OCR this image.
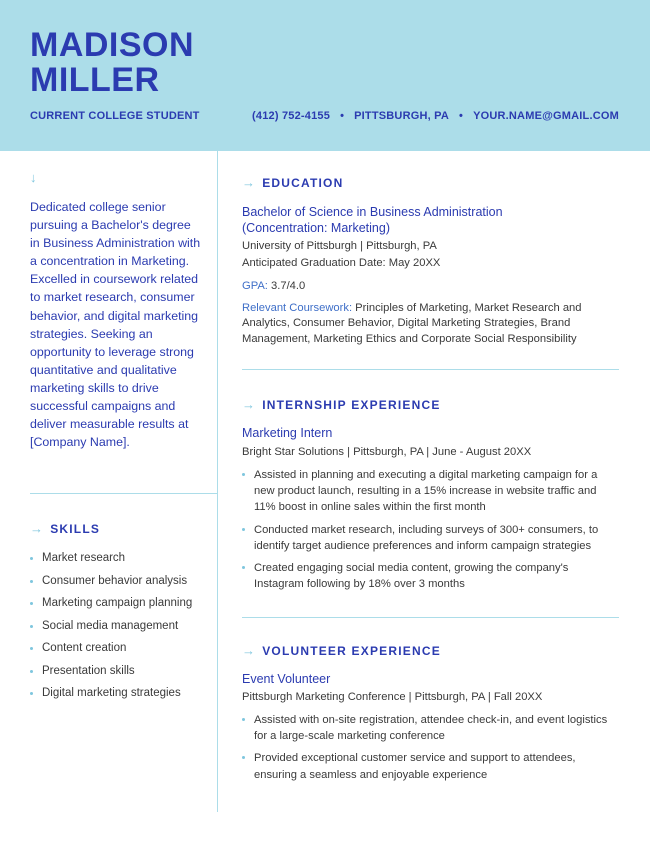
MADISON
MILLER
CURRENT COLLEGE STUDENT	(412) 752-4155 • PITTSBURGH, PA • YOUR.NAME@GMAIL.COM
↓

Dedicated college senior pursuing a Bachelor's degree in Business Administration with a concentration in Marketing. Excelled in coursework related to market research, consumer behavior, and digital marketing strategies. Seeking an opportunity to leverage strong quantitative and qualitative marketing skills to drive successful campaigns and deliver measurable results at [Company Name].

→ SKILLS
Market research
Consumer behavior analysis
Marketing campaign planning
Social media management
Content creation
Presentation skills
Digital marketing strategies
→ EDUCATION
Bachelor of Science in Business Administration
(Concentration: Marketing)
University of Pittsburgh | Pittsburgh, PA
Anticipated Graduation Date: May 20XX
GPA: 3.7/4.0
Relevant Coursework: Principles of Marketing, Market Research and Analytics, Consumer Behavior, Digital Marketing Strategies, Brand Management, Marketing Ethics and Corporate Social Responsibility
→ INTERNSHIP EXPERIENCE
Marketing Intern
Bright Star Solutions | Pittsburgh, PA | June - August 20XX
Assisted in planning and executing a digital marketing campaign for a new product launch, resulting in a 15% increase in website traffic and 11% boost in online sales within the first month
Conducted market research, including surveys of 300+ consumers, to identify target audience preferences and inform campaign strategies
Created engaging social media content, growing the company's Instagram following by 18% over 3 months
→ VOLUNTEER EXPERIENCE
Event Volunteer
Pittsburgh Marketing Conference | Pittsburgh, PA | Fall 20XX
Assisted with on-site registration, attendee check-in, and event logistics for a large-scale marketing conference
Provided exceptional customer service and support to attendees, ensuring a seamless and enjoyable experience
